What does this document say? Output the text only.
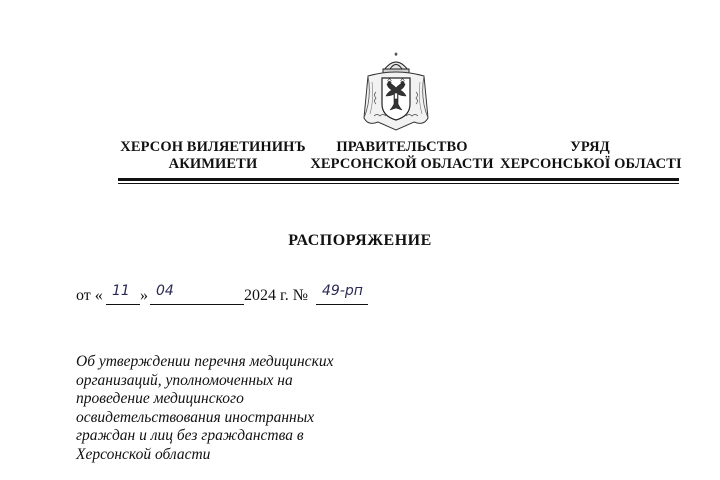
ХЕРСОН ВИЛЯЕТИНИНЪ
АКИМИЕТИ
ПРАВИТЕЛЬСТВО
ХЕРСОНСКОЙ ОБЛАСТИ
УРЯД
ХЕРСОНСЬКОЇ ОБЛАСТІ
РАСПОРЯЖЕНИЕ
от « 11 » 04	2024 г. № 49-рп
Об утверждении перечня медицинских
организаций, уполномоченных на
проведение медицинского
освидетельствования иностранных
граждан и лиц без гражданства в
Херсонской области
